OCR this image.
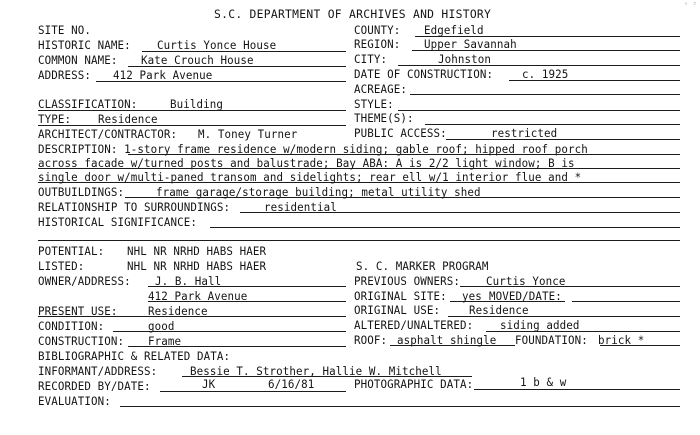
S.C. DEPARTMENT OF ARCHIVES AND HISTORY
ᵒ ³
SITE NO.	COUNTY: Edgefield
HISTORIC NAME: Curtis Yonce House	REGION: Upper Savannah
COMMON NAME: Kate Crouch House	CITY:	Johnston
ADDRESS: 412 Park Avenue	DATE OF CONSTRUCTION:	c. 1925
ACREAGE:
CLASSIFICATION:	Building	STYLE:
TYPE: Residence	THEME(S):
ARCHITECT/CONTRACTOR: M. Toney Turner	PUBLIC ACCESS:	restricted
DESCRIPTION: 1-story frame residence w/modern siding; gable roof; hipped roof porch
across facade w/turned posts and balustrade; Bay ABA: A is 2/2 light window; B is
single door w/multi-paned transom and sidelights; rear ell w/1 interior flue and *
OUTBUILDINGS:	frame garage/storage building; metal utility shed
RELATIONSHIP TO SURROUNDINGS:	residential
HISTORICAL SIGNIFICANCE:
POTENTIAL: NHL NR NRHD HABS HAER
LISTED:	NHL NR NRHD HABS HAER	S. C. MARKER PROGRAM
OWNER/ADDRESS: J. B. Hall	PREVIOUS OWNERS: Curtis Yonce
412 Park Avenue	ORIGINAL SITE: yes MOVED/DATE:
PRESENT USE:	Residence	ORIGINAL USE:	Residence
CONDITION:	good	ALTERED/UNALTERED: siding added
CONSTRUCTION: Frame	ROOF: asphalt shingle FOUNDATION: brick *
BIBLIOGRAPHIC & RELATED DATA:
INFORMANT/ADDRESS:	Bessie T. Strother, Hallie W. Mitchell
RECORDED BY/DATE:	JK	6/16/81	PHOTOGRAPHIC DATA:	1 b & w
EVALUATION:
